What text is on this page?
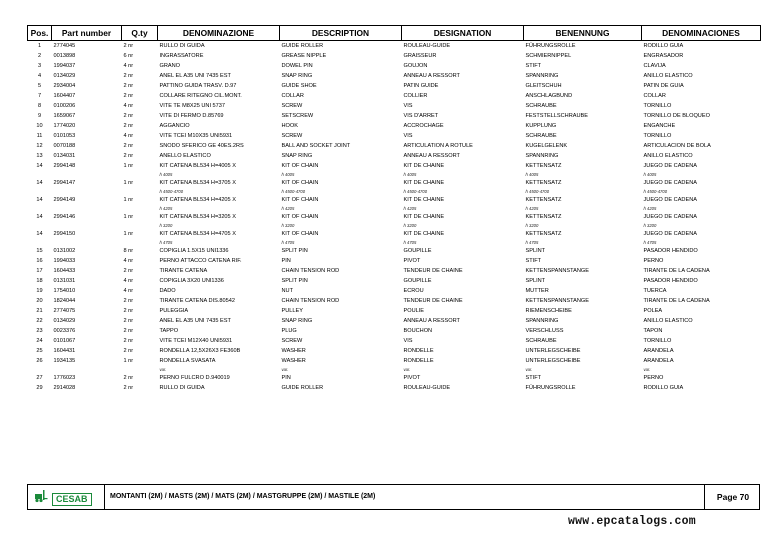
Pos.	Part number	Q.ty	DENOMINAZIONE	DESCRIPTION	DESIGNATION	BENENNUNG	DENOMINACIONES
1	2774045	2 nr	RULLO DI GUIDA	GUIDE ROLLER	ROULEAU-GUIDE	FÜHRUNGSROLLE	RODILLO GUIA
2	0013898	6 nr	INGRASSATORE	GREASE NIPPLE	GRAISSEUR	SCHMIERNIPPEL	ENGRASADOR
3	1994037	4 nr	GRANO	DOWEL PIN	GOUJON	STIFT	CLAVIJA
4	0134029	2 nr	ANEL EL A35 UNI 7435 EST	SNAP RING	ANNEAU A RESSORT	SPANNRING	ANILLO ELASTICO
5	2934004	2 nr	PATTINO GUIDA TRASV. D.97	GUIDE SHOE	PATIN GUIDE	GLEITSCHUH	PATIN DE GUIA
7	1604407	2 nr	COLLARE RITEGNO CIL.MONT.	COLLAR	COLLIER	ANSCHLAGBUND	COLLAR
8	0100206	4 nr	VITE TE M8X25 UNI 5737	SCREW	VIS	SCHRAUBE	TORNILLO
9	1659067	2 nr	VITE DI FERMO D.85769	SETSCREW	VIS D'ARRET	FESTSTELLSCHRAUBE	TORNILLO DE BLOQUEO
10	1774020	2 nr	AGGANCIO	HOOK	ACCROCHAGE	KUPPLUNG	ENGANCHE
11	0101053	4 nr	VITE TCEI M10X35 UNI5931	SCREW	VIS	SCHRAUBE	TORNILLO
12	0070188	2 nr	SNODO SFERICO GE 40ES.2RS	BALL AND SOCKET JOINT	ARTICULATION A ROTULE	KUGELGELENK	ARTICULACION DE BOLA
13	0134031	2 nr	ANELLO ELASTICO	SNAP RING	ANNEAU A RESSORT	SPANNRING	ANILLO ELASTICO
14	2994148	1 nr	KIT CATENA BL534 H=4005 X	KIT OF CHAIN	KIT DE CHAINE	KETTENSATZ	JUEGO DE CADENA
			h 4005	h 4005	h 4005	h 4005	h 4005
14	2994147	1 nr	KIT CATENA BL534 H=3705 X	KIT OF CHAIN	KIT DE CHAINE	KETTENSATZ	JUEGO DE CADENA
			h 4500-4700	h 4500-4700	h 4500-4700	h 4500-4700	h 4500-4700
14	2994149	1 nr	KIT CATENA BL534 H=4205 X	KIT OF CHAIN	KIT DE CHAINE	KETTENSATZ	JUEGO DE CADENA
			h 4205	h 4205	h 4205	h 4205	h 4205
14	2994146	1 nr	KIT CATENA BL534 H=3205 X	KIT OF CHAIN	KIT DE CHAINE	KETTENSATZ	JUEGO DE CADENA
			h 3200	h 3200	h 3200	h 3200	h 3200
14	2994150	1 nr	KIT CATENA BL534 H=4705 X	KIT OF CHAIN	KIT DE CHAINE	KETTENSATZ	JUEGO DE CADENA
			h 4705	h 4705	h 4705	h 4705	h 4705
15	0131002	8 nr	COPIGLIA 1.5X15 UNI1336	SPLIT PIN	GOUPILLE	SPLINT	PASADOR HENDIDO
16	1994033	4 nr	PERNO ATTACCO CATENA RIF.	PIN	PIVOT	STIFT	PERNO
17	1604433	2 nr	TIRANTE CATENA	CHAIN TENSION ROD	TENDEUR DE CHAINE	KETTENSPANNSTANGE	TIRANTE DE LA CADENA
18	0131031	4 nr	COPIGLIA 3X20 UNI1336	SPLIT PIN	GOUPILLE	SPLINT	PASADOR HENDIDO
19	1754010	4 nr	DADO	NUT	ECROU	MUTTER	TUERCA
20	1824044	2 nr	TIRANTE CATENA DIS.80542	CHAIN TENSION ROD	TENDEUR DE CHAINE	KETTENSPANNSTANGE	TIRANTE DE LA CADENA
21	2774075	2 nr	PULEGGIA	PULLEY	POULIE	RIEMENSCHEIBE	POLEA
22	0134029	2 nr	ANEL EL A35 UNI 7435 EST	SNAP RING	ANNEAU A RESSORT	SPANNRING	ANILLO ELASTICO
23	0023376	2 nr	TAPPO	PLUG	BOUCHON	VERSCHLUSS	TAPON
24	0101067	2 nr	VITE TCEI M12X40 UNI5931	SCREW	VIS	SCHRAUBE	TORNILLO
25	1604431	2 nr	RONDELLA 12,5X26X3 FE360B	WASHER	RONDELLE	UNTERLEGSCHEIBE	ARANDELA
26	1934135	1 nr	RONDELLA SVASATA	WASHER	RONDELLE	UNTERLEGSCHEIBE	ARANDELA
			var.	var.	var.	var.	var.
27	1776023	2 nr	PERNO FULCRO D.940019	PIN	PIVOT	STIFT	PERNO
29	2914028	2 nr	RULLO DI GUIDA	GUIDE ROLLER	ROULEAU-GUIDE	FÜHRUNGSROLLE	RODILLO GUIA
CESAB	MONTANTI (2M) / MASTS (2M) / MATS (2M) / MASTGRUPPE (2M) / MASTILE (2M)	Page 70
www.epcatalogs.com
